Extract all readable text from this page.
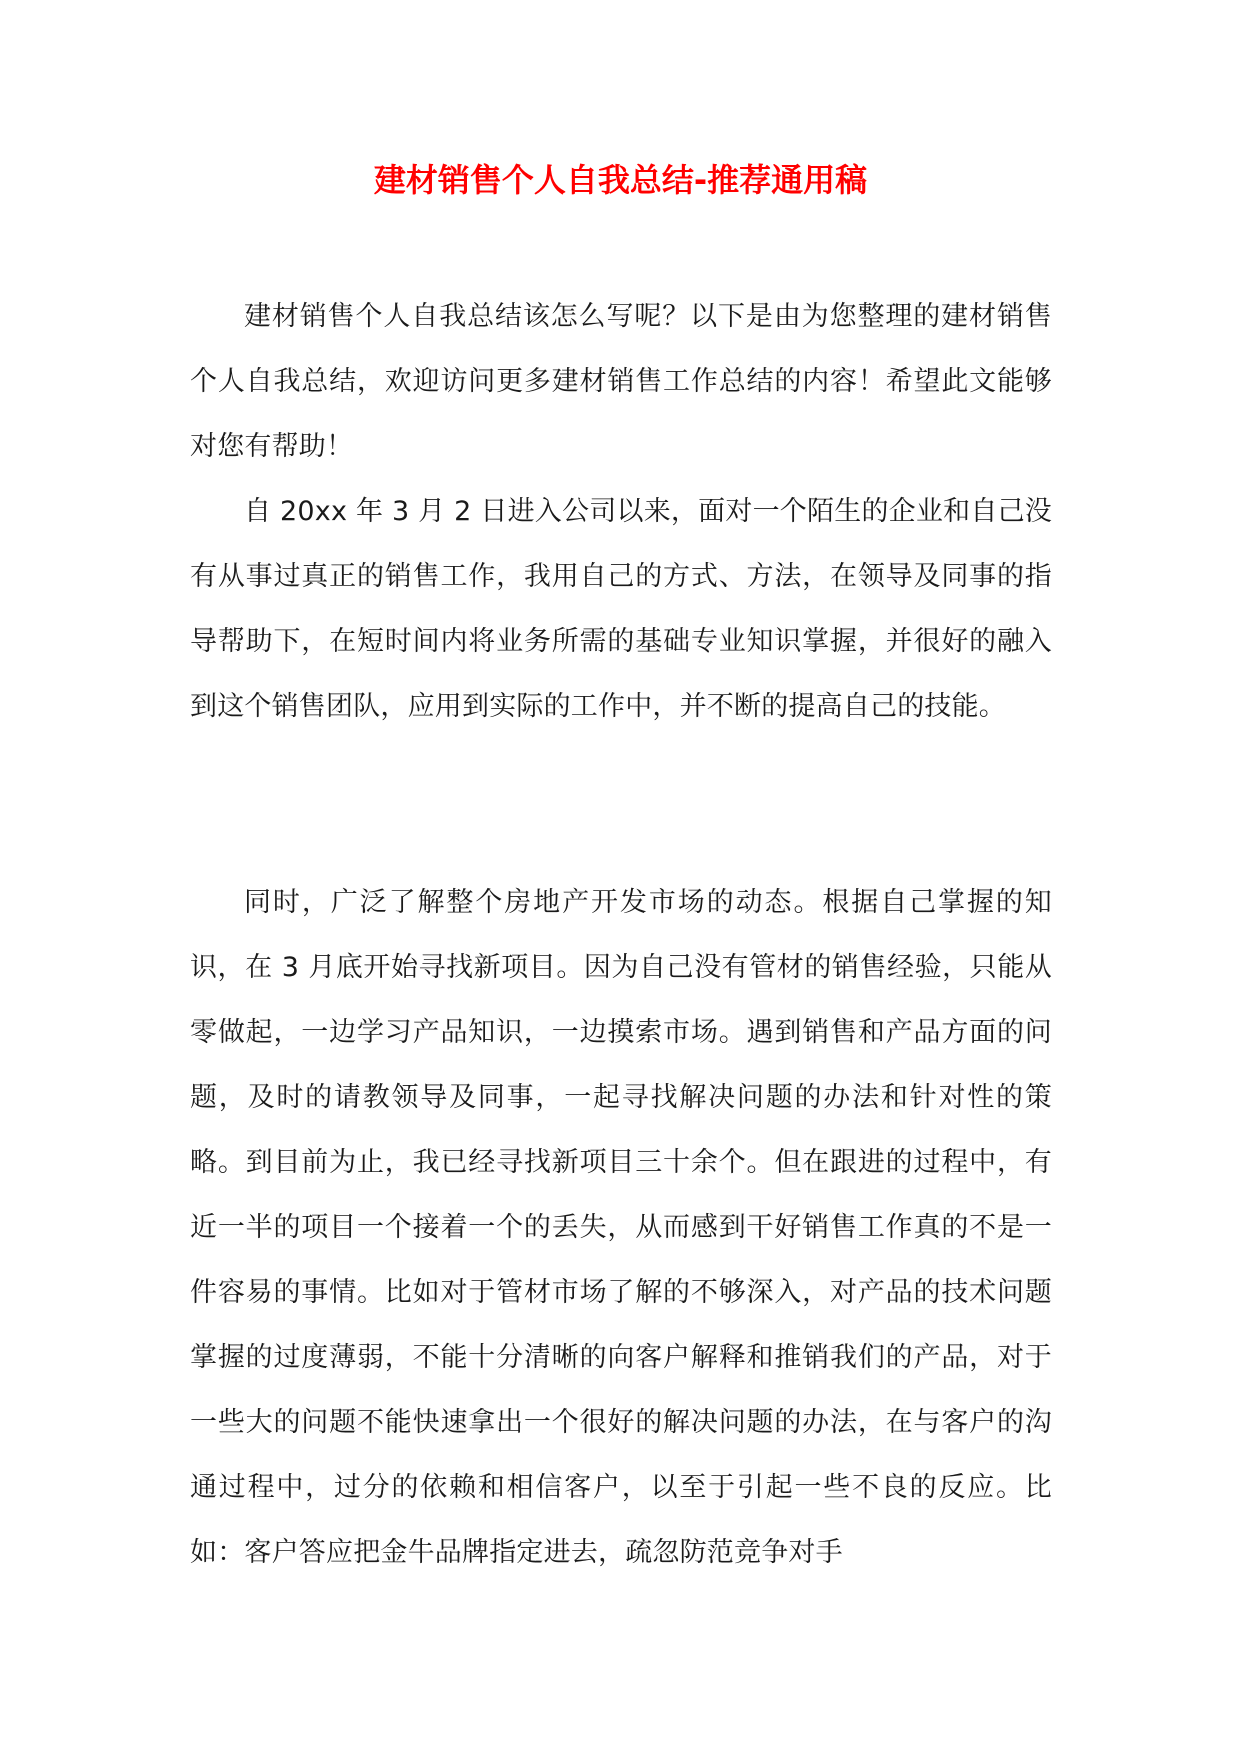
建材销售个人自我总结-推荐通用稿

建材销售个人自我总结该怎么写呢？以下是由为您整理的建材销售个人自我总结，欢迎访问更多建材销售工作总结的内容！希望此文能够对您有帮助！

自 20xx 年 3 月 2 日进入公司以来，面对一个陌生的企业和自己没有从事过真正的销售工作，我用自己的方式、方法，在领导及同事的指导帮助下，在短时间内将业务所需的基础专业知识掌握，并很好的融入到这个销售团队，应用到实际的工作中，并不断的提高自己的技能。

同时，广泛了解整个房地产开发市场的动态。根据自己掌握的知识，在 3 月底开始寻找新项目。因为自己没有管材的销售经验，只能从零做起，一边学习产品知识，一边摸索市场。遇到销售和产品方面的问题，及时的请教领导及同事，一起寻找解决问题的办法和针对性的策略。到目前为止，我已经寻找新项目三十余个。但在跟进的过程中，有近一半的项目一个接着一个的丢失，从而感到干好销售工作真的不是一件容易的事情。比如对于管材市场了解的不够深入，对产品的技术问题掌握的过度薄弱，不能十分清晰的向客户解释和推销我们的产品，对于一些大的问题不能快速拿出一个很好的解决问题的办法，在与客户的沟通过程中，过分的依赖和相信客户，以至于引起一些不良的反应。比如：客户答应把金牛品牌指定进去，疏忽防范竞争对手
